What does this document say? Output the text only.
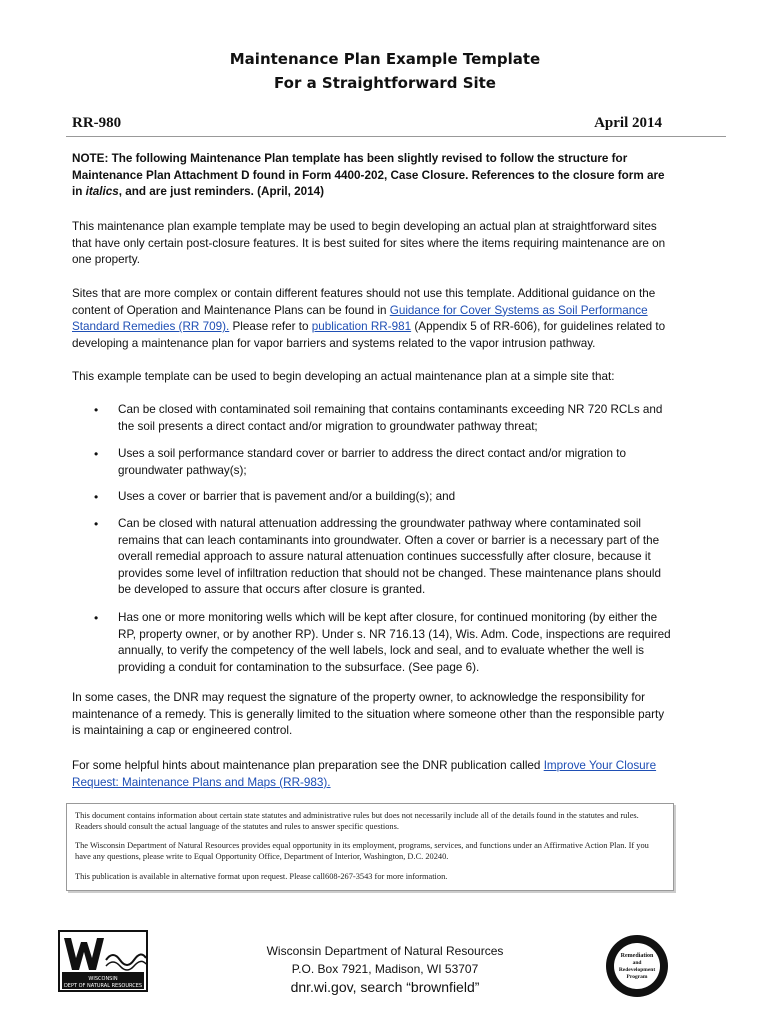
Maintenance Plan Example Template
For a Straightforward Site
RR-980	April 2014
NOTE: The following Maintenance Plan template has been slightly revised to follow the structure for Maintenance Plan Attachment D found in Form 4400-202, Case Closure. References to the closure form are in italics, and are just reminders. (April, 2014)
This maintenance plan example template may be used to begin developing an actual plan at straightforward sites that have only certain post-closure features. It is best suited for sites where the items requiring maintenance are on one property.
Sites that are more complex or contain different features should not use this template. Additional guidance on the content of Operation and Maintenance Plans can be found in Guidance for Cover Systems as Soil Performance Standard Remedies (RR 709). Please refer to publication RR-981 (Appendix 5 of RR-606), for guidelines related to developing a maintenance plan for vapor barriers and systems related to the vapor intrusion pathway.
This example template can be used to begin developing an actual maintenance plan at a simple site that:
• Can be closed with contaminated soil remaining that contains contaminants exceeding NR 720 RCLs and the soil presents a direct contact and/or migration to groundwater pathway threat;
• Uses a soil performance standard cover or barrier to address the direct contact and/or migration to groundwater pathway(s);
• Uses a cover or barrier that is pavement and/or a building(s); and
• Can be closed with natural attenuation addressing the groundwater pathway where contaminated soil remains that can leach contaminants into groundwater. Often a cover or barrier is a necessary part of the overall remedial approach to assure natural attenuation continues successfully after closure, because it provides some level of infiltration reduction that should not be changed. These maintenance plans should be developed to assure that occurs after closure is granted.
• Has one or more monitoring wells which will be kept after closure, for continued monitoring (by either the RP, property owner, or by another RP). Under s. NR 716.13 (14), Wis. Adm. Code, inspections are required annually, to verify the competency of the well labels, lock and seal, and to evaluate whether the well is providing a conduit for contamination to the subsurface. (See page 6).
In some cases, the DNR may request the signature of the property owner, to acknowledge the responsibility for maintenance of a remedy. This is generally limited to the situation where someone other than the responsible party is maintaining a cap or engineered control.
For some helpful hints about maintenance plan preparation see the DNR publication called Improve Your Closure Request: Maintenance Plans and Maps (RR-983).

This document contains information about certain state statutes and administrative rules but does not necessarily include all of the details found in the statutes and rules. Readers should consult the actual language of the statutes and rules to answer specific questions.

The Wisconsin Department of Natural Resources provides equal opportunity in its employment, programs, services, and functions under an Affirmative Action Plan. If you have any questions, please write to Equal Opportunity Office, Department of Interior, Washington, D.C. 20240.

This publication is available in alternative format upon request. Please call608-267-3543 for more information.

WISCONSIN
DEPT OF NATURAL RESOURCES
Wisconsin Department of Natural Resources
P.O. Box 7921, Madison, WI 53707
dnr.wi.gov, search “brownfield”
Remediation
and
Redevelopment
Program
